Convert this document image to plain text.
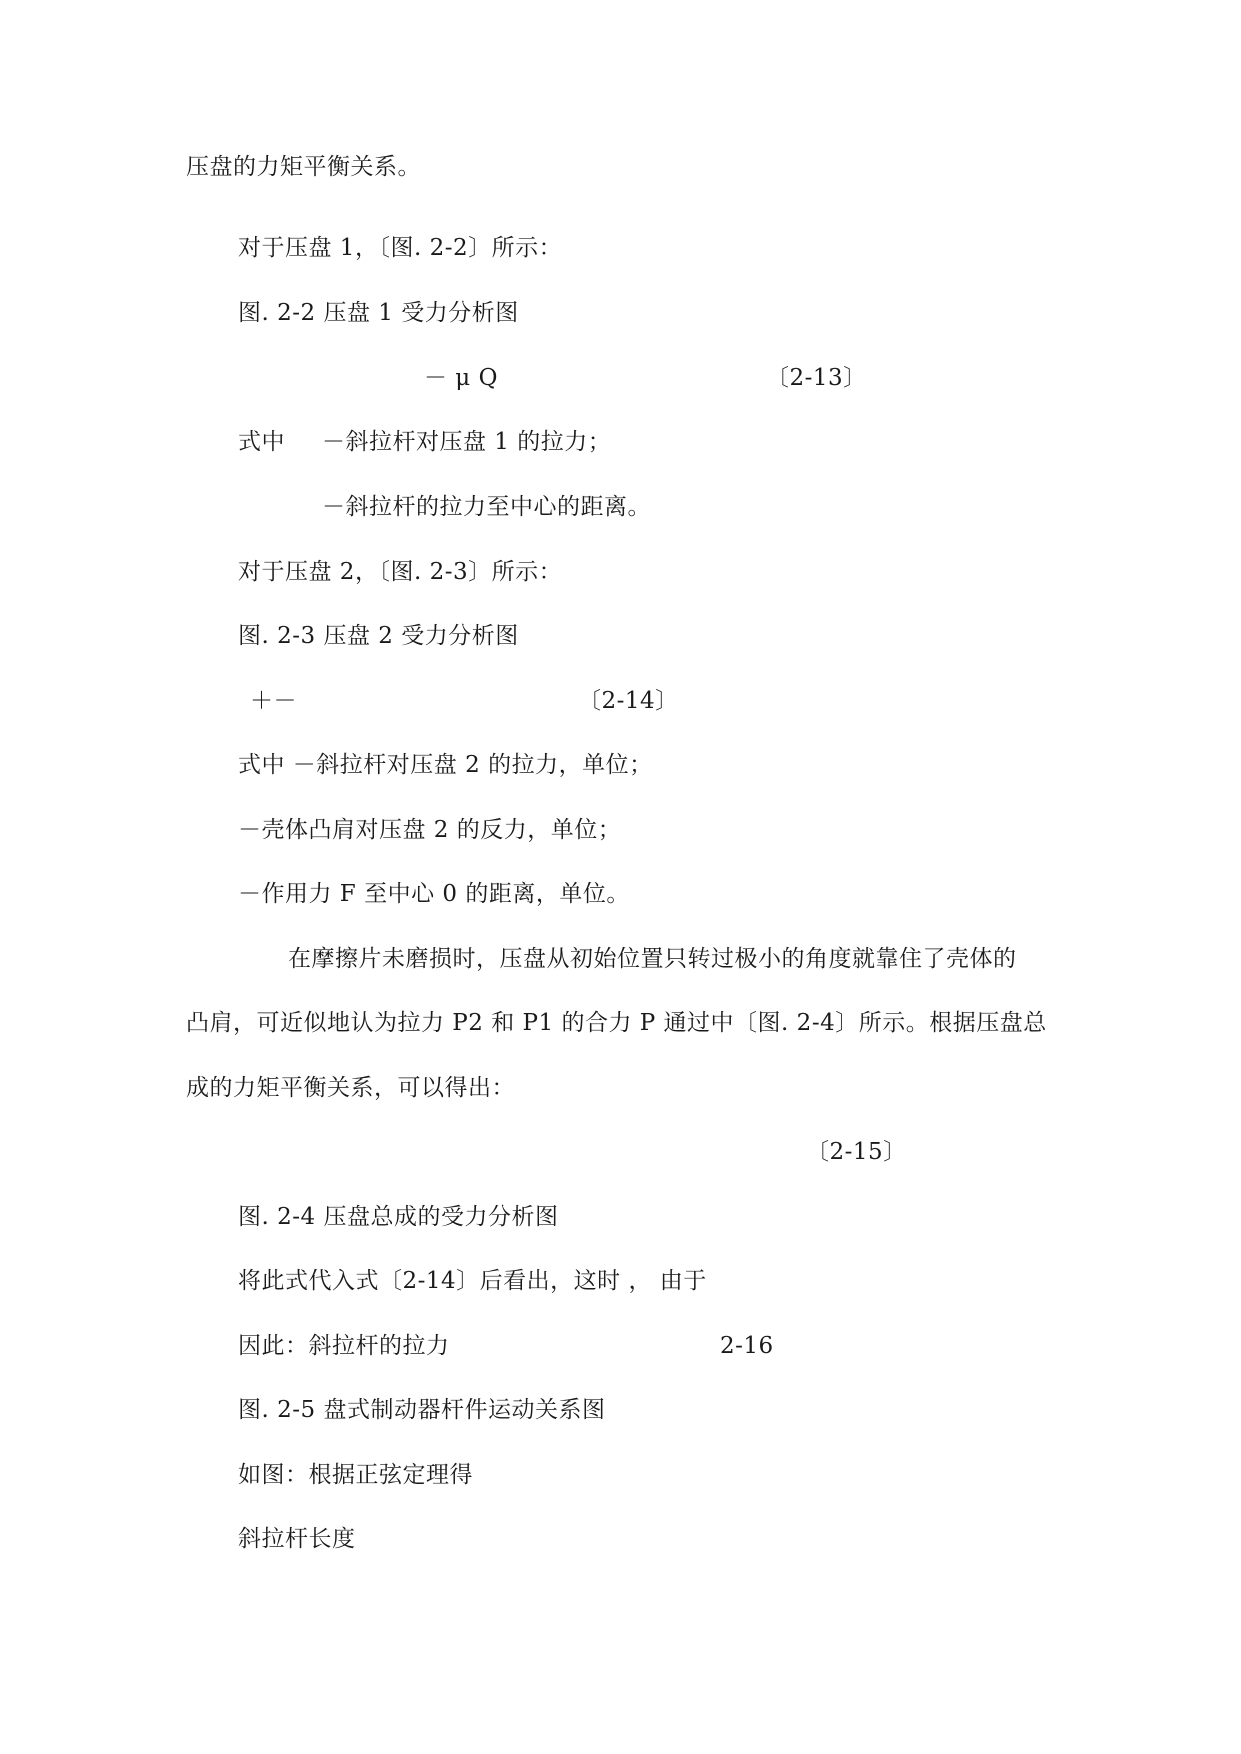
压盘的力矩平衡关系。
对于压盘 1，〔图. 2-2〕所示：
图. 2-2 压盘 1 受力分析图
－ μ Q	〔2-13〕
式中 －斜拉杆对压盘 1 的拉力；
－斜拉杆的拉力至中心的距离。
对于压盘 2，〔图. 2-3〕所示：
图. 2-3 压盘 2 受力分析图
＋－	〔2-14〕
式中 －斜拉杆对压盘 2 的拉力，单位；
－壳体凸肩对压盘 2 的反力，单位；
－作用力 F 至中心 0 的距离，单位。
在摩擦片未磨损时，压盘从初始位置只转过极小的角度就靠住了壳体的
凸肩，可近似地认为拉力 P2 和 P1 的合力 P 通过中〔图. 2-4〕所示。根据压盘总
成的力矩平衡关系，可以得出：
〔2-15〕
图. 2-4 压盘总成的受力分析图
将此式代入式〔2-14〕后看出，这时 ， 由于
因此：斜拉杆的拉力	2-16
图. 2-5 盘式制动器杆件运动关系图
如图：根据正弦定理得
斜拉杆长度
